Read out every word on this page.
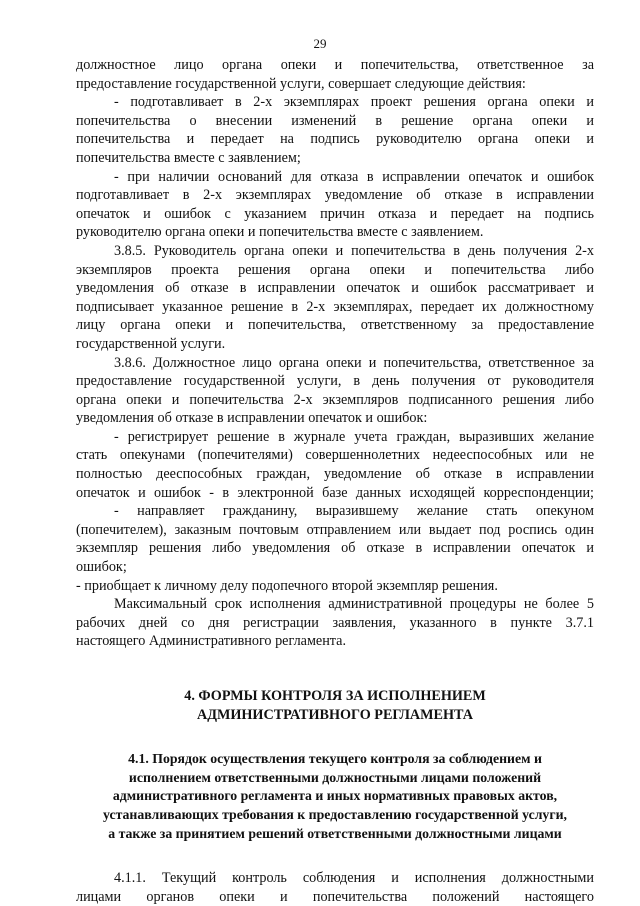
29
должностное лицо органа опеки и попечительства, ответственное за
предоставление государственной услуги, совершает следующие действия:
- подготавливает в 2-х экземплярах проект решения органа опеки и
попечительства о внесении изменений в решение органа опеки и
попечительства и передает на подпись руководителю органа опеки и
попечительства вместе с заявлением;
- при наличии оснований для отказа в исправлении опечаток и ошибок
подготавливает в 2-х экземплярах уведомление об отказе в исправлении
опечаток и ошибок с указанием причин отказа и передает на подпись
руководителю органа опеки и попечительства вместе с заявлением.
3.8.5. Руководитель органа опеки и попечительства в день получения 2-х
экземпляров проекта решения органа опеки и попечительства либо
уведомления об отказе в исправлении опечаток и ошибок рассматривает и
подписывает указанное решение в 2-х экземплярах, передает их должностному
лицу органа опеки и попечительства, ответственному за предоставление
государственной услуги.
3.8.6. Должностное лицо органа опеки и попечительства, ответственное за
предоставление государственной услуги, в день получения от руководителя
органа опеки и попечительства 2-х экземпляров подписанного решения либо
уведомления об отказе в исправлении опечаток и ошибок:
- регистрирует решение в журнале учета граждан, выразивших желание
стать опекунами (попечителями) совершеннолетних недееспособных или не
полностью дееспособных граждан, уведомление об отказе в исправлении
опечаток и ошибок - в электронной базе данных исходящей корреспонденции;
- направляет гражданину, выразившему желание стать опекуном
(попечителем), заказным почтовым отправлением или выдает под роспись один
экземпляр решения либо уведомления об отказе в исправлении опечаток и
ошибок;
- приобщает к личному делу подопечного второй экземпляр решения.
Максимальный срок исполнения административной процедуры не более 5
рабочих дней со дня регистрации заявления, указанного в пункте 3.7.1
настоящего Административного регламента.
4. ФОРМЫ КОНТРОЛЯ ЗА ИСПОЛНЕНИЕМ
АДМИНИСТРАТИВНОГО РЕГЛАМЕНТА
4.1. Порядок осуществления текущего контроля за соблюдением и
исполнением ответственными должностными лицами положений
административного регламента и иных нормативных правовых актов,
устанавливающих требования к предоставлению государственной услуги,
а также за принятием решений ответственными должностными лицами
4.1.1. Текущий контроль соблюдения и исполнения должностными
лицами органов опеки и попечительства положений настоящего
